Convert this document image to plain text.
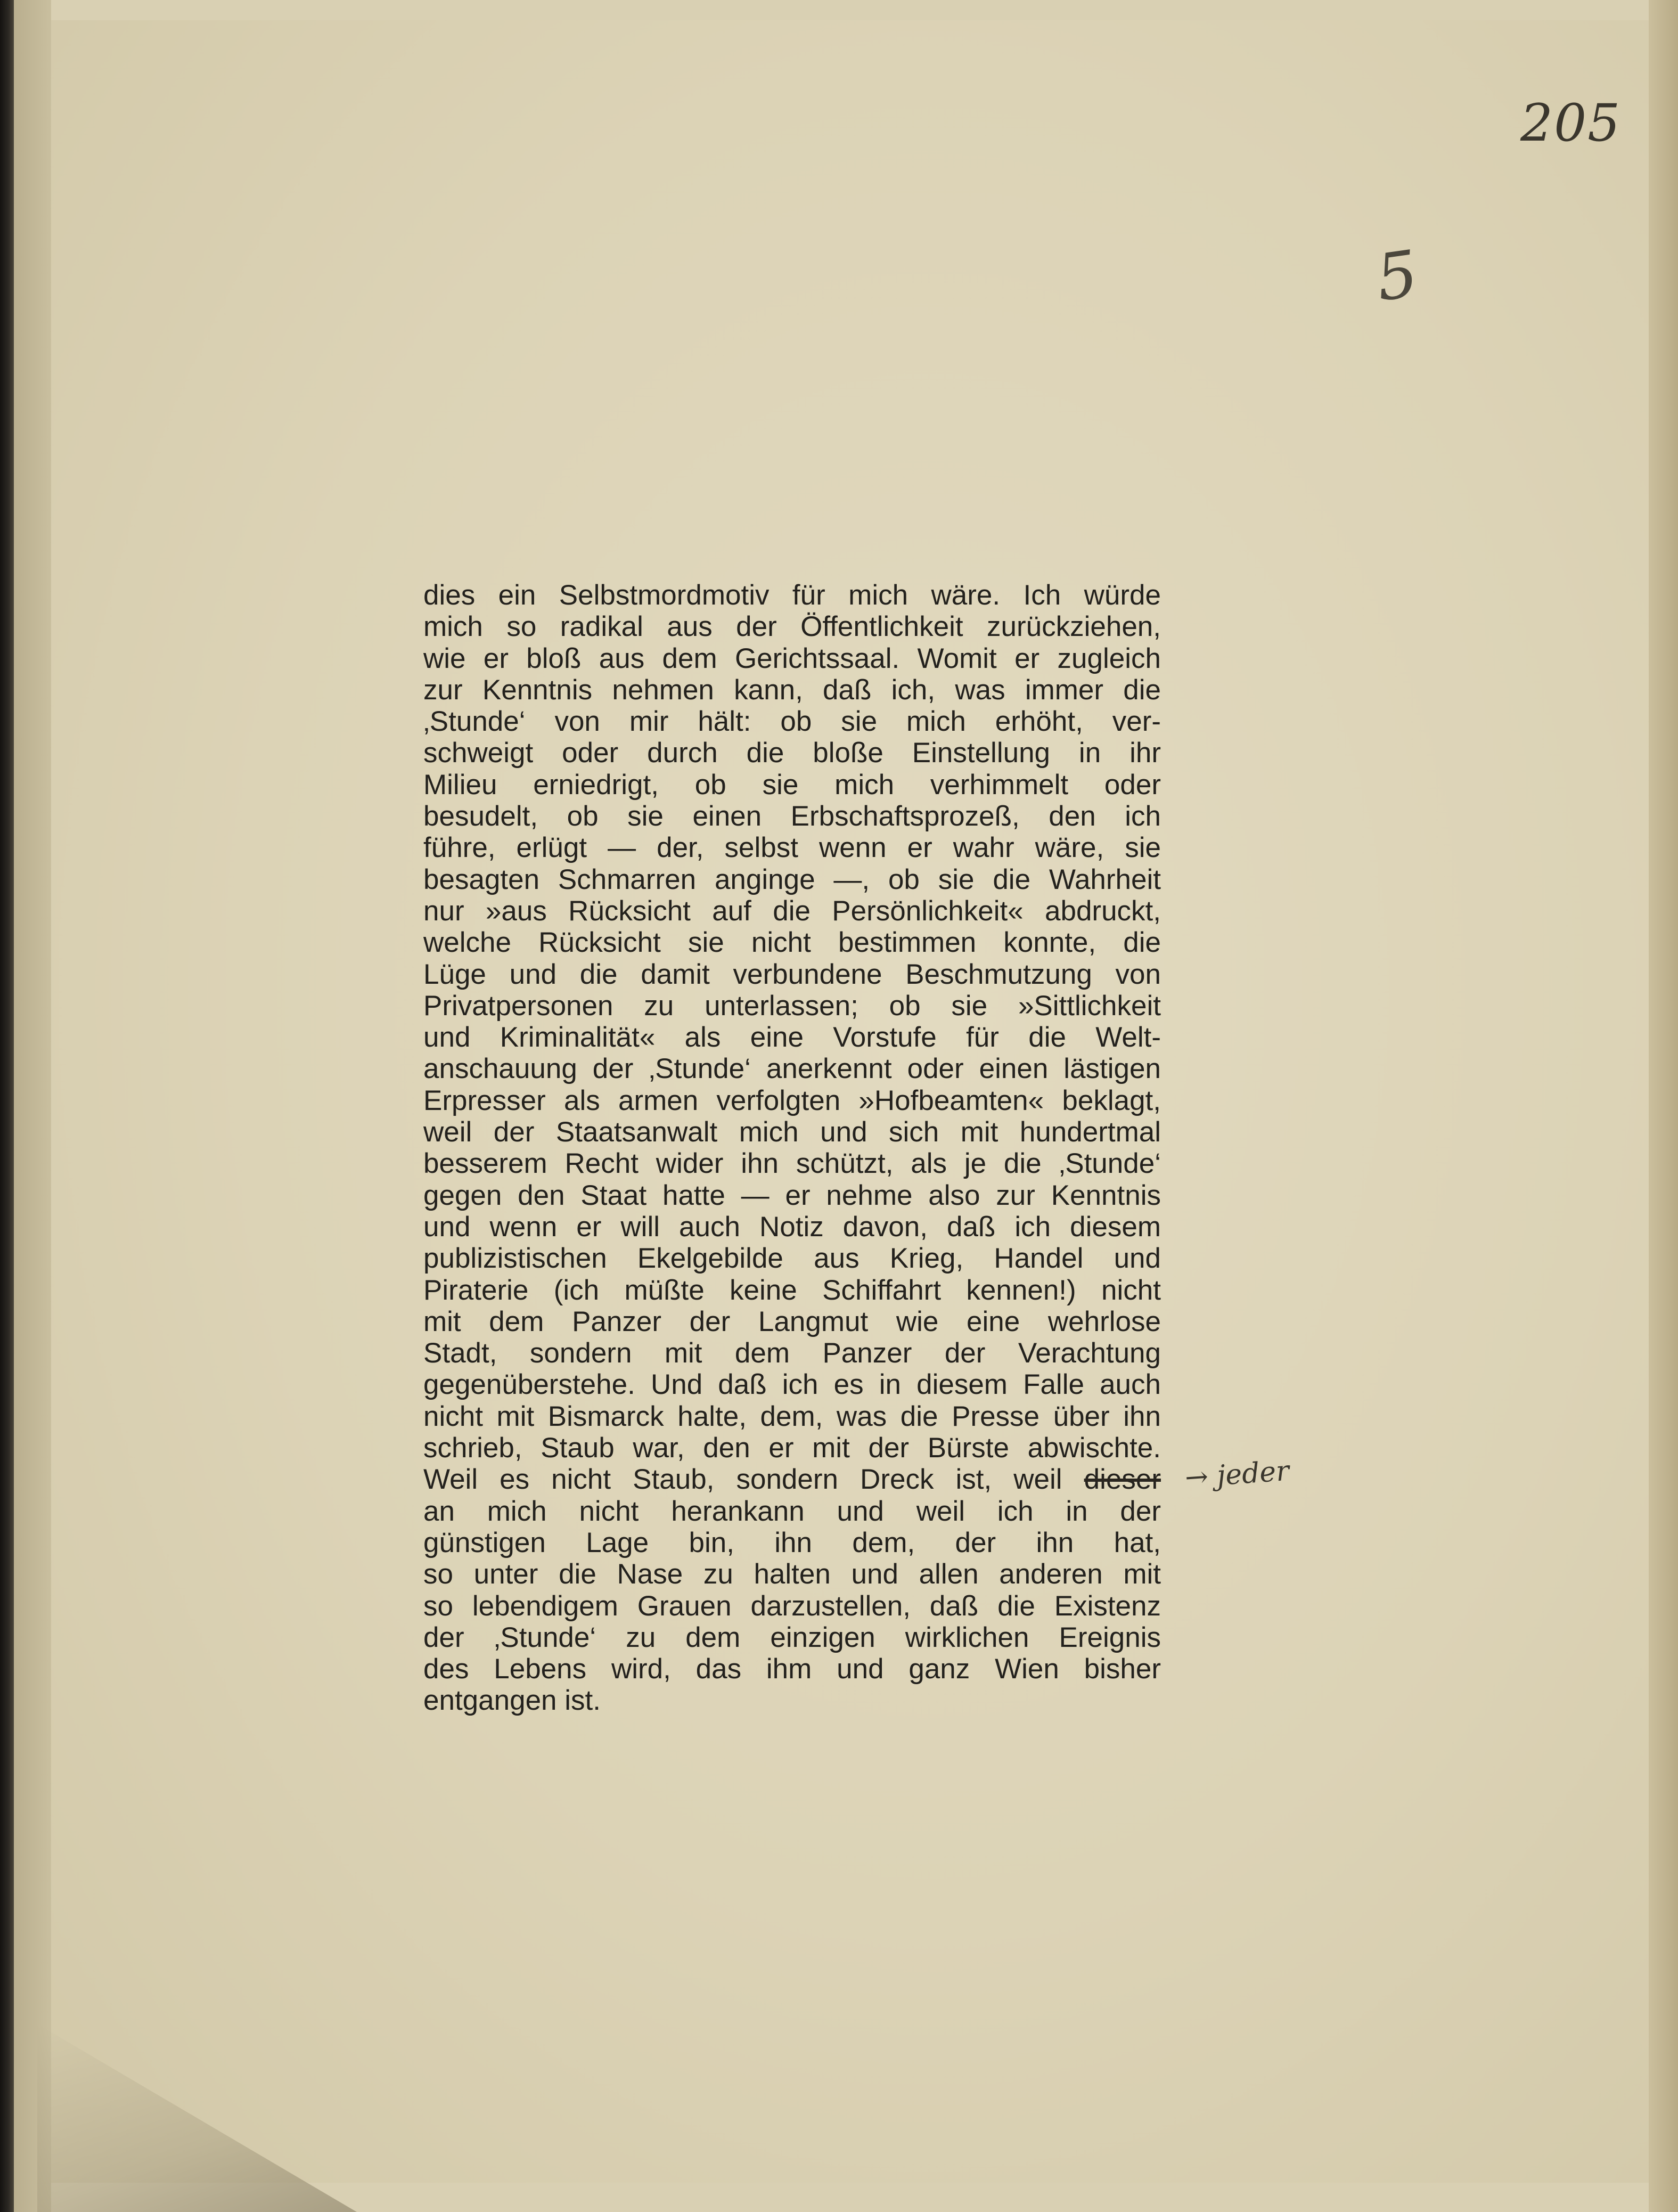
205
5
dies ein Selbstmordmotiv für mich wäre. Ich würde
mich so radikal aus der Öffentlichkeit zurückziehen,
wie er bloß aus dem Gerichtssaal. Womit er zugleich
zur Kenntnis nehmen kann, daß ich, was immer die
‚Stunde‘ von mir hält: ob sie mich erhöht, ver-
schweigt oder durch die bloße Einstellung in ihr
Milieu erniedrigt, ob sie mich verhimmelt oder
besudelt, ob sie einen Erbschaftsprozeß, den ich
führe, erlügt — der, selbst wenn er wahr wäre, sie
besagten Schmarren anginge —, ob sie die Wahrheit
nur »aus Rücksicht auf die Persönlichkeit« abdruckt,
welche Rücksicht sie nicht bestimmen konnte, die
Lüge und die damit verbundene Beschmutzung von
Privatpersonen zu unterlassen; ob sie »Sittlichkeit
und Kriminalität« als eine Vorstufe für die Welt-
anschauung der ‚Stunde‘ anerkennt oder einen lästigen
Erpresser als armen verfolgten »Hofbeamten« beklagt,
weil der Staatsanwalt mich und sich mit hundertmal
besserem Recht wider ihn schützt, als je die ‚Stunde‘
gegen den Staat hatte — er nehme also zur Kenntnis
und wenn er will auch Notiz davon, daß ich diesem
publizistischen Ekelgebilde aus Krieg, Handel und
Piraterie (ich müßte keine Schiffahrt kennen!) nicht
mit dem Panzer der Langmut wie eine wehrlose
Stadt, sondern mit dem Panzer der Verachtung
gegenüberstehe. Und daß ich es in diesem Falle auch
nicht mit Bismarck halte, dem, was die Presse über ihn
schrieb, Staub war, den er mit der Bürste abwischte.
Weil es nicht Staub, sondern Dreck ist, weil dieser
an mich nicht herankann und weil ich in der
günstigen Lage bin, ihn dem, der ihn hat,
so unter die Nase zu halten und allen anderen mit
so lebendigem Grauen darzustellen, daß die Existenz
der ‚Stunde‘ zu dem einzigen wirklichen Ereignis
des Lebens wird, das ihm und ganz Wien bisher
entgangen ist.
→ jeder
